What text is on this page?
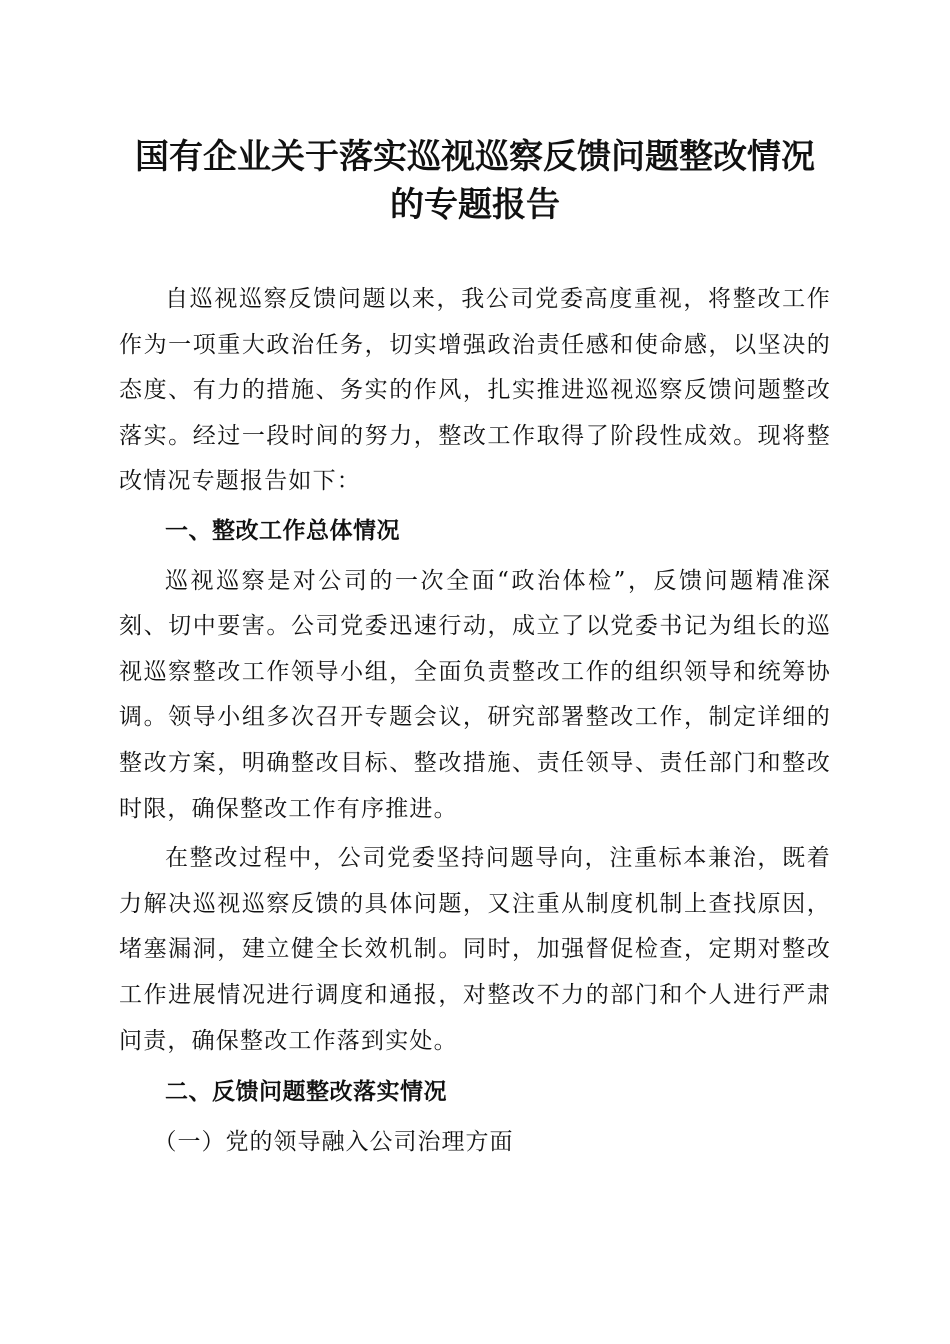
国有企业关于落实巡视巡察反馈问题整改情况
的专题报告

自巡视巡察反馈问题以来，我公司党委高度重视，将整改工作作为一项重大政治任务，切实增强政治责任感和使命感，以坚决的态度、有力的措施、务实的作风，扎实推进巡视巡察反馈问题整改落实。经过一段时间的努力，整改工作取得了阶段性成效。现将整改情况专题报告如下：

一、整改工作总体情况

巡视巡察是对公司的一次全面“政治体检”，反馈问题精准深刻、切中要害。公司党委迅速行动，成立了以党委书记为组长的巡视巡察整改工作领导小组，全面负责整改工作的组织领导和统筹协调。领导小组多次召开专题会议，研究部署整改工作，制定详细的整改方案，明确整改目标、整改措施、责任领导、责任部门和整改时限，确保整改工作有序推进。

在整改过程中，公司党委坚持问题导向，注重标本兼治，既着力解决巡视巡察反馈的具体问题，又注重从制度机制上查找原因，堵塞漏洞，建立健全长效机制。同时，加强督促检查，定期对整改工作进展情况进行调度和通报，对整改不力的部门和个人进行严肃问责，确保整改工作落到实处。

二、反馈问题整改落实情况

（一）党的领导融入公司治理方面
